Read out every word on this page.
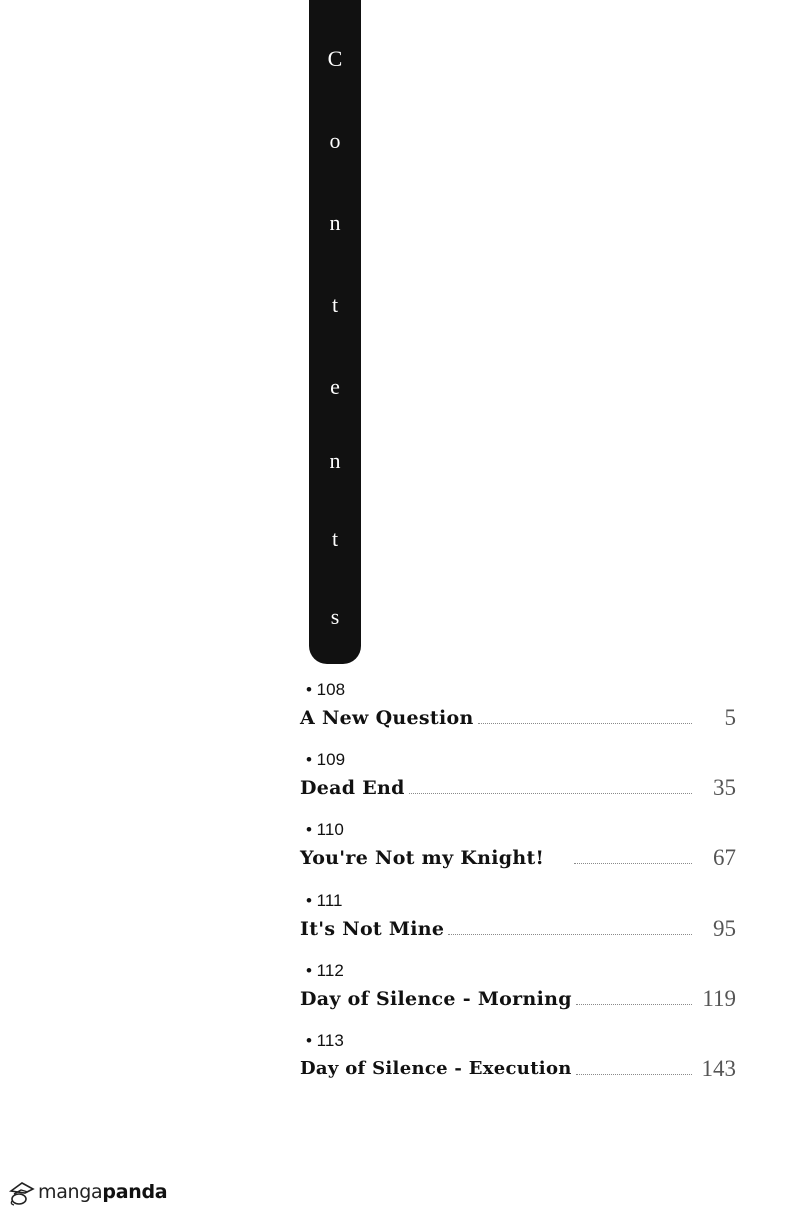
C
o
n
t
e
n
t
s
• 108
A New Question	5
• 109
Dead End	35
• 110
You're Not my Knight!	67
• 111
It's Not Mine	95
• 112
Day of Silence - Morning	119
• 113
Day of Silence - Execution	143
mangapanda
